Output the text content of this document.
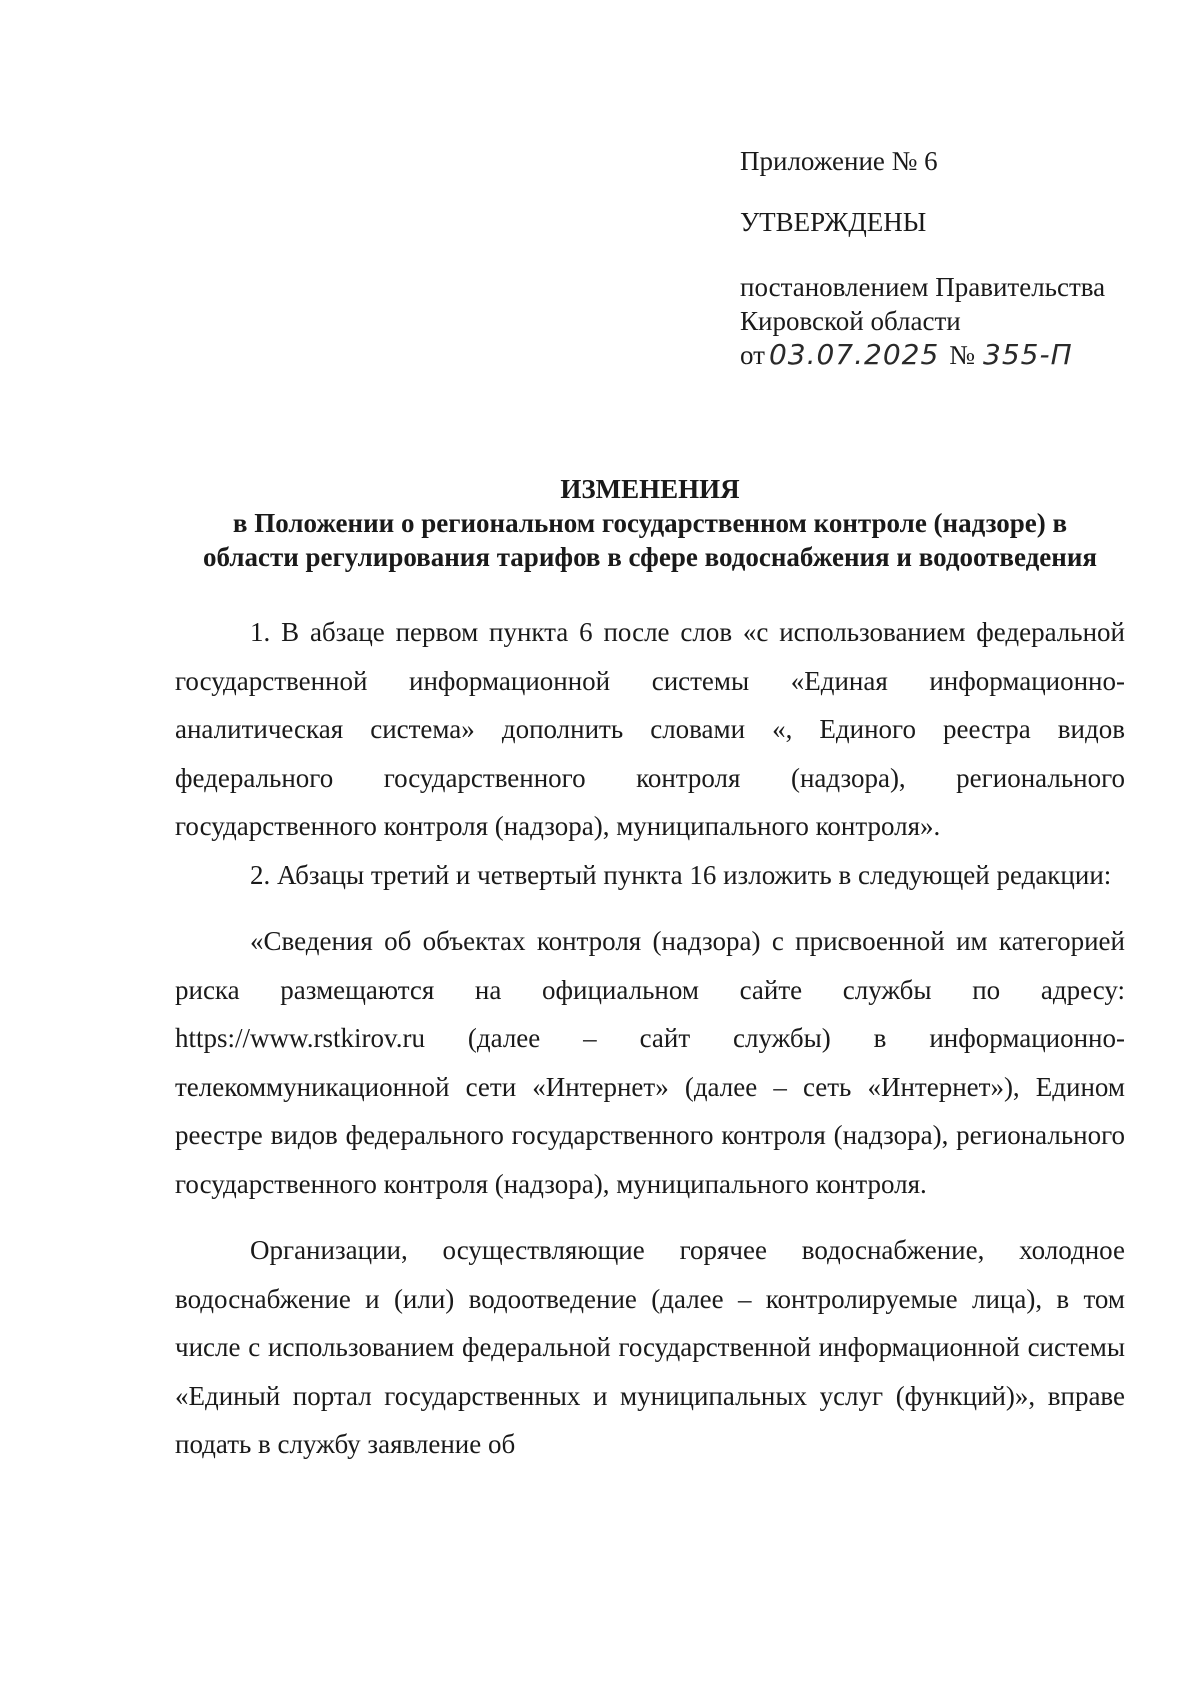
Приложение № 6
УТВЕРЖДЕНЫ
постановлением Правительства
Кировской области
от 03.07.2025 № 355-П
ИЗМЕНЕНИЯ
в Положении о региональном государственном контроле (надзоре) в
области регулирования тарифов в сфере водоснабжения и водоотведения

1. В абзаце первом пункта 6 после слов «с использованием федеральной государственной информационной системы «Единая информационно-аналитическая система» дополнить словами «, Единого реестра видов федерального государственного контроля (надзора), регионального государственного контроля (надзора), муниципального контроля».

2. Абзацы третий и четвертый пункта 16 изложить в следующей редакции:

«Сведения об объектах контроля (надзора) с присвоенной им категорией риска размещаются на официальном сайте службы по адресу: https://www.rstkirov.ru (далее – сайт службы) в информационно-телекоммуникационной сети «Интернет» (далее – сеть «Интернет»), Едином реестре видов федерального государственного контроля (надзора), регионального государственного контроля (надзора), муниципального контроля.

Организации, осуществляющие горячее водоснабжение, холодное водоснабжение и (или) водоотведение (далее – контролируемые лица), в том числе с использованием федеральной государственной информационной системы «Единый портал государственных и муниципальных услуг (функций)», вправе подать в службу заявление об
